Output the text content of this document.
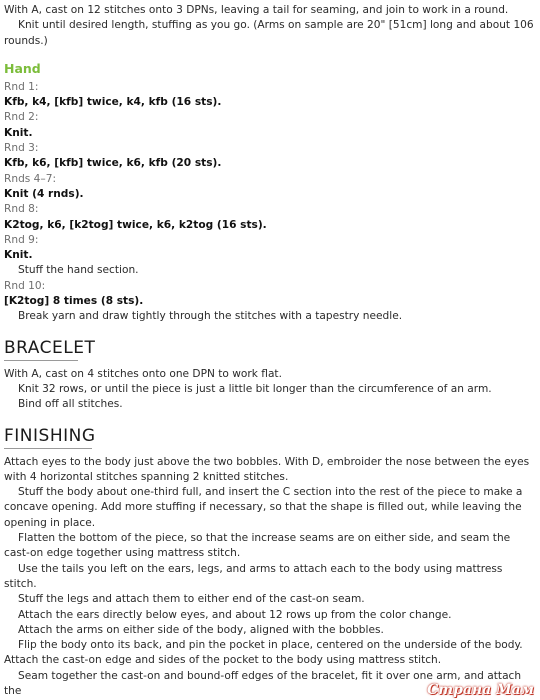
With A, cast on 12 stitches onto 3 DPNs, leaving a tail for seaming, and join to work in a round.

Knit until desired length, stuffing as you go. (Arms on sample are 20" [51cm] long and about 106 rounds.)

Hand

Rnd 1:

Kfb, k4, [kfb] twice, k4, kfb (16 sts).

Rnd 2:

Knit.

Rnd 3:

Kfb, k6, [kfb] twice, k6, kfb (20 sts).

Rnds 4–7:

Knit (4 rnds).

Rnd 8:

K2tog, k6, [k2tog] twice, k6, k2tog (16 sts).

Rnd 9:

Knit.

Stuff the hand section.

Rnd 10:

[K2tog] 8 times (8 sts).

Break yarn and draw tightly through the stitches with a tapestry needle.

BRACELET

With A, cast on 4 stitches onto one DPN to work flat.

Knit 32 rows, or until the piece is just a little bit longer than the circumference of an arm.

Bind off all stitches.

FINISHING

Attach eyes to the body just above the two bobbles. With D, embroider the nose between the eyes with 4 horizontal stitches spanning 2 knitted stitches.

Stuff the body about one-third full, and insert the C section into the rest of the piece to make a concave opening. Add more stuffing if necessary, so that the shape is filled out, while leaving the opening in place.

Flatten the bottom of the piece, so that the increase seams are on either side, and seam the cast-on edge together using mattress stitch.

Use the tails you left on the ears, legs, and arms to attach each to the body using mattress stitch.

Stuff the legs and attach them to either end of the cast-on seam.

Attach the ears directly below eyes, and about 12 rows up from the color change.

Attach the arms on either side of the body, aligned with the bobbles.

Flip the body onto its back, and pin the pocket in place, centered on the underside of the body.

Attach the cast-on edge and sides of the pocket to the body using mattress stitch.

Seam together the cast-on and bound-off edges of the bracelet, fit it over one arm, and attach the	Страна Мам
